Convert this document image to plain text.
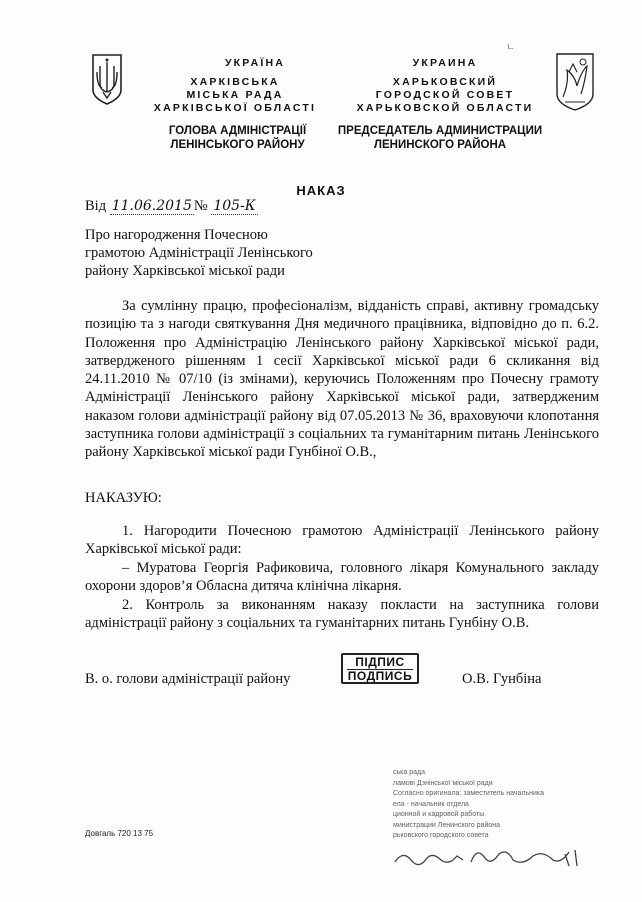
УКРАЇНА
ХАРКІВСЬКА
МІСЬКА РАДА
ХАРКІВСЬКОЇ ОБЛАСТІ
ГОЛОВА АДМІНІСТРАЦІЇ
ЛЕНІНСЬКОГО РАЙОНУ
УКРАИНА
ХАРЬКОВСКИЙ
ГОРОДСКОЙ СОВЕТ
ХАРЬКОВСКОЙ ОБЛАСТИ
ПРЕДСЕДАТЕЛЬ АДМИНИСТРАЦИИ
ЛЕНИНСКОГО РАЙОНА
ㄴ
НАКАЗ
Від 11.06.2015 № 105-К
Про нагородження Почесною
грамотою Адміністрації Ленінського
району Харківської міської ради
За сумлінну працю, професіоналізм, відданість справі, активну громадську позицію та з нагоди святкування Дня медичного працівника, відповідно до п. 6.2. Положення про Адміністрацію Ленінського району Харківської міської ради, затвердженого рішенням 1 сесії Харківської міської ради 6 скликання від 24.11.2010 № 07/10 (із змінами), керуючись Положенням про Почесну грамоту Адміністрації Ленінського району Харківської міської ради, затвердженим наказом голови адміністрації району від 07.05.2013 № 36, враховуючи клопотання заступника голови адміністрації з соціальних та гуманітарним питань Ленінського району Харківської міської ради Гунбіної О.В.,
НАКАЗУЮ:
1. Нагородити Почесною грамотою Адміністрації Ленінського району Харківської міської ради:
– Муратова Георгія Рафиковича, головного лікаря Комунального закладу охорони здоров’я Обласна дитяча клінічна лікарня.
2. Контроль за виконанням наказу покласти на заступника голови адміністрації району з соціальних та гуманітарних питань Гунбіну О.В.
В. о. голови адміністрації району
ПІДПИС
ПОДПИСЬ	О.В. Гунбіна
ська рада
ламові Дзнінської міської ради
Согласно оригинала: заместитель начальника
ела - начальник отдела
ционной и кадровой работы
министрации Ленинского района
рьковского городского совета
Довгаль 720 13 75
